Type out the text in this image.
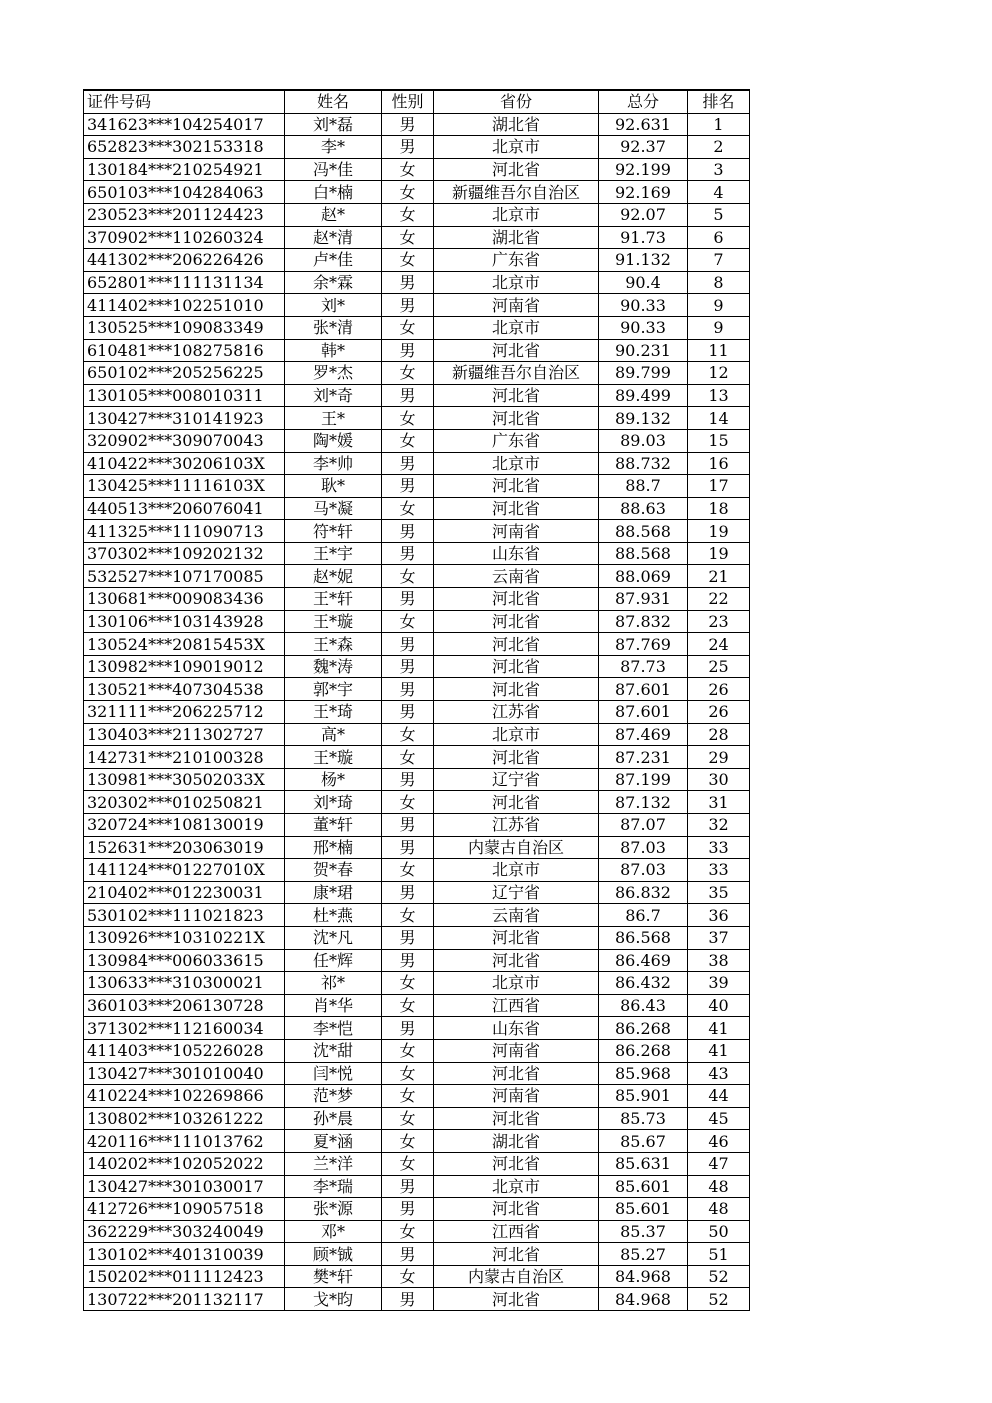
证件号码	姓名	性别	省份	总分	排名
341623***104254017	刘*磊	男	湖北省	92.631	1
652823***302153318	李*	男	北京市	92.37	2
130184***210254921	冯*佳	女	河北省	92.199	3
650103***104284063	白*楠	女	新疆维吾尔自治区	92.169	4
230523***201124423	赵*	女	北京市	92.07	5
370902***110260324	赵*清	女	湖北省	91.73	6
441302***206226426	卢*佳	女	广东省	91.132	7
652801***111131134	余*霖	男	北京市	90.4	8
411402***102251010	刘*	男	河南省	90.33	9
130525***109083349	张*清	女	北京市	90.33	9
610481***108275816	韩*	男	河北省	90.231	11
650102***205256225	罗*杰	女	新疆维吾尔自治区	89.799	12
130105***008010311	刘*奇	男	河北省	89.499	13
130427***310141923	王*	女	河北省	89.132	14
320902***309070043	陶*媛	女	广东省	89.03	15
410422***30206103X	李*帅	男	北京市	88.732	16
130425***11116103X	耿*	男	河北省	88.7	17
440513***206076041	马*凝	女	河北省	88.63	18
411325***111090713	符*轩	男	河南省	88.568	19
370302***109202132	王*宇	男	山东省	88.568	19
532527***107170085	赵*妮	女	云南省	88.069	21
130681***009083436	王*轩	男	河北省	87.931	22
130106***103143928	王*璇	女	河北省	87.832	23
130524***20815453X	王*森	男	河北省	87.769	24
130982***109019012	魏*涛	男	河北省	87.73	25
130521***407304538	郭*宇	男	河北省	87.601	26
321111***206225712	王*琦	男	江苏省	87.601	26
130403***211302727	高*	女	北京市	87.469	28
142731***210100328	王*璇	女	河北省	87.231	29
130981***30502033X	杨*	男	辽宁省	87.199	30
320302***010250821	刘*琦	女	河北省	87.132	31
320724***108130019	董*轩	男	江苏省	87.07	32
152631***203063019	邢*楠	男	内蒙古自治区	87.03	33
141124***01227010X	贺*春	女	北京市	87.03	33
210402***012230031	康*珺	男	辽宁省	86.832	35
530102***111021823	杜*燕	女	云南省	86.7	36
130926***10310221X	沈*凡	男	河北省	86.568	37
130984***006033615	任*辉	男	河北省	86.469	38
130633***310300021	祁*	女	北京市	86.432	39
360103***206130728	肖*华	女	江西省	86.43	40
371302***112160034	李*恺	男	山东省	86.268	41
411403***105226028	沈*甜	女	河南省	86.268	41
130427***301010040	闫*悦	女	河北省	85.968	43
410224***102269866	范*梦	女	河南省	85.901	44
130802***103261222	孙*晨	女	河北省	85.73	45
420116***111013762	夏*涵	女	湖北省	85.67	46
140202***102052022	兰*洋	女	河北省	85.631	47
130427***301030017	李*瑞	男	北京市	85.601	48
412726***109057518	张*源	男	河北省	85.601	48
362229***303240049	邓*	女	江西省	85.37	50
130102***401310039	顾*铖	男	河北省	85.27	51
150202***011112423	樊*轩	女	内蒙古自治区	84.968	52
130722***201132117	戈*昀	男	河北省	84.968	52
